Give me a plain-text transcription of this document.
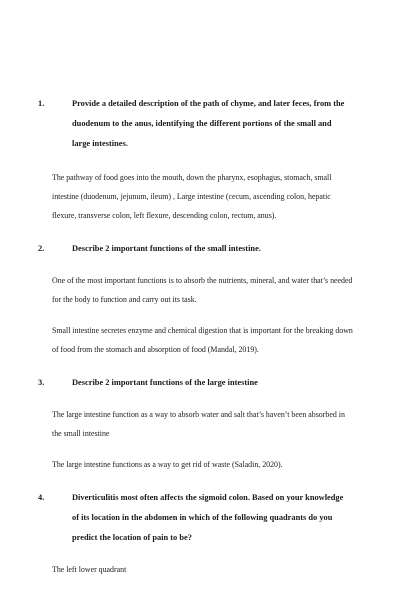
1.	Provide a detailed description of the path of chyme, and later feces, from the duodenum to the anus, identifying the different portions of the small and large intestines.

The pathway of food goes into the mouth, down the pharynx, esophagus, stomach, small intestine (duodenum, jejunum, ileum) , Large intestine (cecum, ascending colon, hepatic flexure, transverse colon, left flexure, descending colon, rectum, anus).

2.	Describe 2 important functions of the small intestine.

One of the most important functions is to absorb the nutrients, mineral, and water that’s needed for the body to function and carry out its task.

Small intestine secretes enzyme and chemical digestion that is important for the breaking down of food from the stomach and absorption of food (Mandal, 2019).

3.	Describe 2 important functions of the large intestine

The large intestine function as a way to absorb water and salt that’s haven’t been absorbed in the small intestine

The large intestine functions as a way to get rid of waste (Saladin, 2020).

4.	Diverticulitis most often affects the sigmoid colon. Based on your knowledge of its location in the abdomen in which of the following quadrants do you predict the location of pain to be?

The left lower quadrant
